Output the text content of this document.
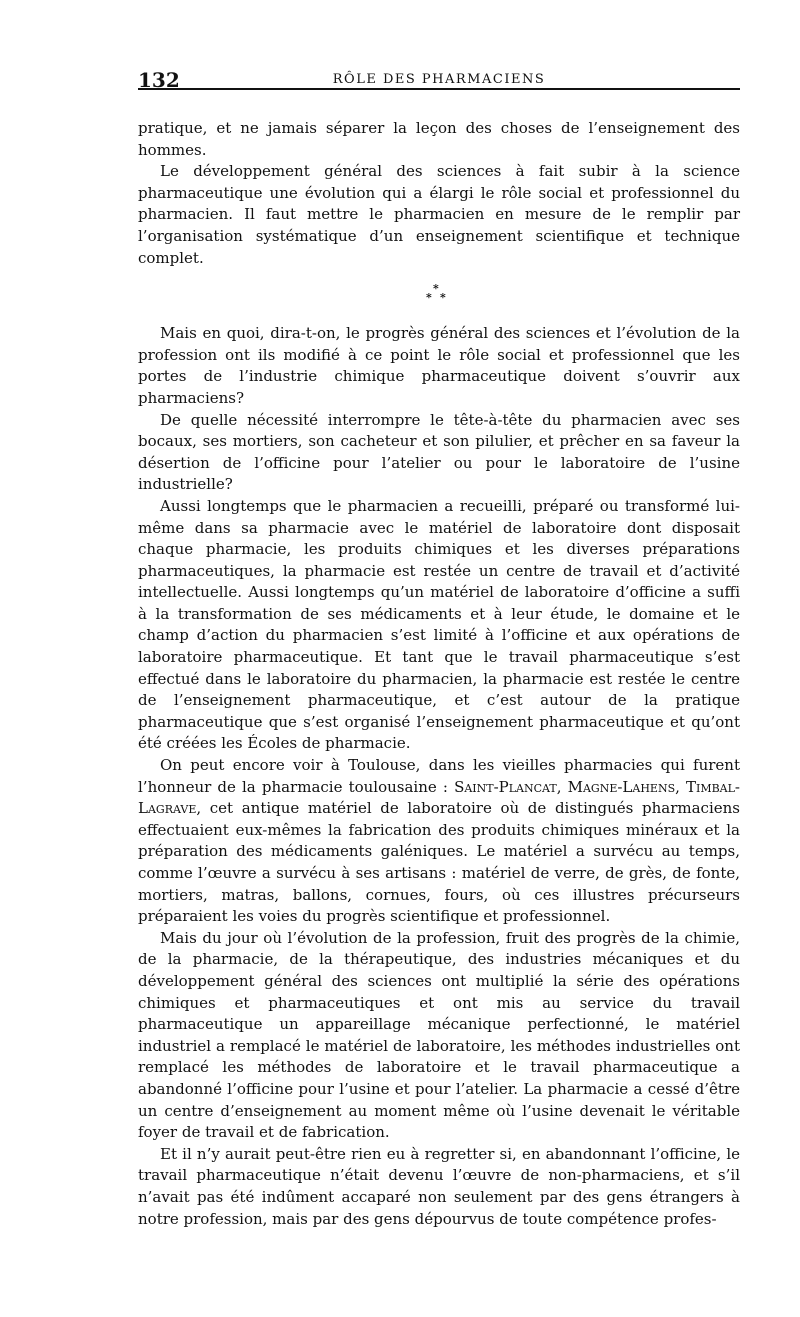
132	RÔLE DES PHARMACIENS

pratique, et ne jamais séparer la leçon des choses de l’enseignement des hommes.

Le développement général des sciences à fait subir à la science pharmaceutique une évolution qui a élargi le rôle social et professionnel du pharmacien. Il faut mettre le pharmacien en mesure de le remplir par l’organisation systématique d’un enseignement scientifique et technique complet.

*
* *

Mais en quoi, dira-t-on, le progrès général des sciences et l’évolution de la profession ont ils modifié à ce point le rôle social et professionnel que les portes de l’industrie chimique pharmaceutique doivent s’ouvrir aux pharmaciens?

De quelle nécessité interrompre le tête-à-tête du pharmacien avec ses bocaux, ses mortiers, son cacheteur et son pilulier, et prêcher en sa faveur la désertion de l’officine pour l’atelier ou pour le laboratoire de l’usine industrielle?

Aussi longtemps que le pharmacien a recueilli, préparé ou transformé lui-même dans sa pharmacie avec le matériel de laboratoire dont disposait chaque pharmacie, les produits chimiques et les diverses préparations pharmaceutiques, la pharmacie est restée un centre de travail et d’activité intellectuelle. Aussi longtemps qu’un matériel de laboratoire d’officine a suffi à la transformation de ses médicaments et à leur étude, le domaine et le champ d’action du pharmacien s’est limité à l’officine et aux opérations de laboratoire pharmaceutique. Et tant que le travail pharmaceutique s’est effectué dans le laboratoire du pharmacien, la pharmacie est restée le centre de l’enseignement pharmaceutique, et c’est autour de la pratique pharmaceutique que s’est organisé l’enseignement pharmaceutique et qu’ont été créées les Écoles de pharmacie.

On peut encore voir à Toulouse, dans les vieilles pharmacies qui furent l’honneur de la pharmacie toulousaine : Saint-Plancat, Magne-Lahens, Timbal-Lagrave, cet antique matériel de laboratoire où de distingués pharmaciens effectuaient eux-mêmes la fabrication des produits chimiques minéraux et la préparation des médicaments galéniques. Le matériel a survécu au temps, comme l’œuvre a survécu à ses artisans : matériel de verre, de grès, de fonte, mortiers, matras, ballons, cornues, fours, où ces illustres précurseurs préparaient les voies du progrès scientifique et professionnel.

Mais du jour où l’évolution de la profession, fruit des progrès de la chimie, de la pharmacie, de la thérapeutique, des industries mécaniques et du développement général des sciences ont multiplié la série des opérations chimiques et pharmaceutiques et ont mis au service du travail pharmaceutique un appareillage mécanique perfectionné, le matériel industriel a remplacé le matériel de laboratoire, les méthodes industrielles ont remplacé les méthodes de laboratoire et le travail pharmaceutique a abandonné l’officine pour l’usine et pour l’atelier. La pharmacie a cessé d’être un centre d’enseignement au moment même où l’usine devenait le véritable foyer de travail et de fabrication.

Et il n’y aurait peut-être rien eu à regretter si, en abandonnant l’officine, le travail pharmaceutique n’était devenu l’œuvre de non-pharmaciens, et s’il n’avait pas été indûment accaparé non seulement par des gens étrangers à notre profession, mais par des gens dépourvus de toute compétence profes-
